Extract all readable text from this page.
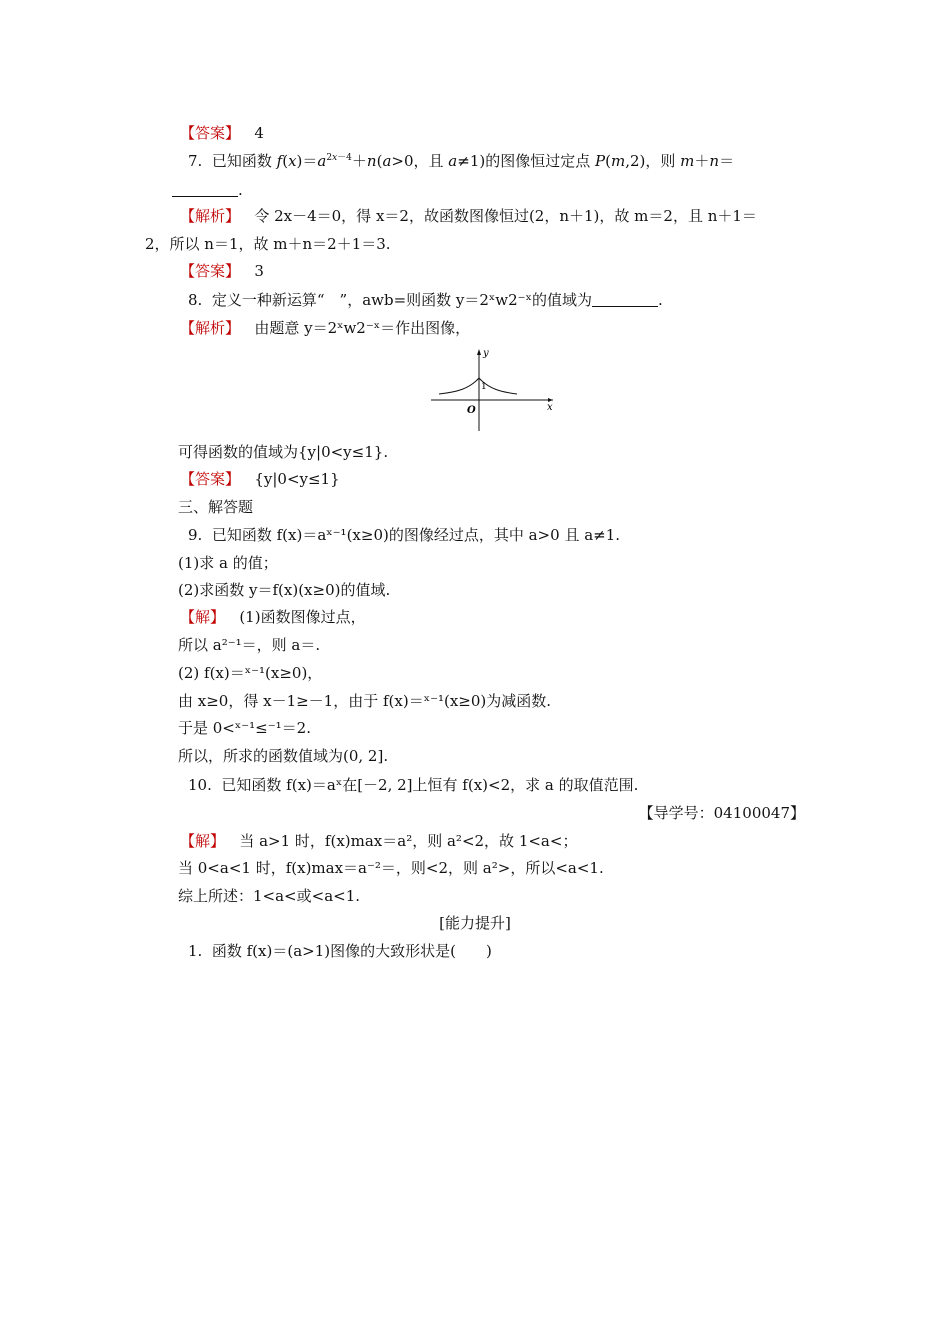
【答案】 4
7. 已知函数 $f(x)=a^{2x-4}+n(a>0$，且 a≠1)的图像恒过定点 P(m,2)，则 m＋n＝
.
【解析】 令 2x－4＝0，得 x＝2，故函数图像恒过(2，n＋1)，故 m＝2，且 n＋1＝
2，所以 n＝1，故 m＋n＝2＋1＝3.
【答案】 3
8. 定义一种新运算“　”，awb=则函数 y＝2ˣw2⁻ˣ的值域为	.
【解析】 由题意 y＝2ˣw2⁻ˣ＝作出图像，
y
x
O
1
可得函数的值域为{y|0<y≤1}.
【答案】 {y|0<y≤1}
三、解答题
9. 已知函数 f(x)＝aˣ⁻¹(x≥0)的图像经过点，其中 a>0 且 a≠1.
(1)求 a 的值；
(2)求函数 y＝f(x)(x≥0)的值域.
【解】 (1)函数图像过点，
所以 a²⁻¹＝，则 a＝.
(2) f(x)＝ˣ⁻¹(x≥0)，
由 x≥0，得 x－1≥－1，由于 f(x)＝ˣ⁻¹(x≥0)为减函数.
于是 0<ˣ⁻¹≤⁻¹＝2.
所以，所求的函数值域为(0, 2].
10. 已知函数 f(x)＝aˣ在[－2, 2]上恒有 f(x)<2，求 a 的取值范围.
【导学号：04100047】
【解】 当 a>1 时，f(x)max＝a²，则 a²<2，故 1<a<；
当 0<a<1 时，f(x)max＝a⁻²＝，则<2，则 a²>，所以<a<1.
综上所述：1<a<或<a<1.
[能力提升]
1. 函数 f(x)＝(a>1)图像的大致形状是(　　)
